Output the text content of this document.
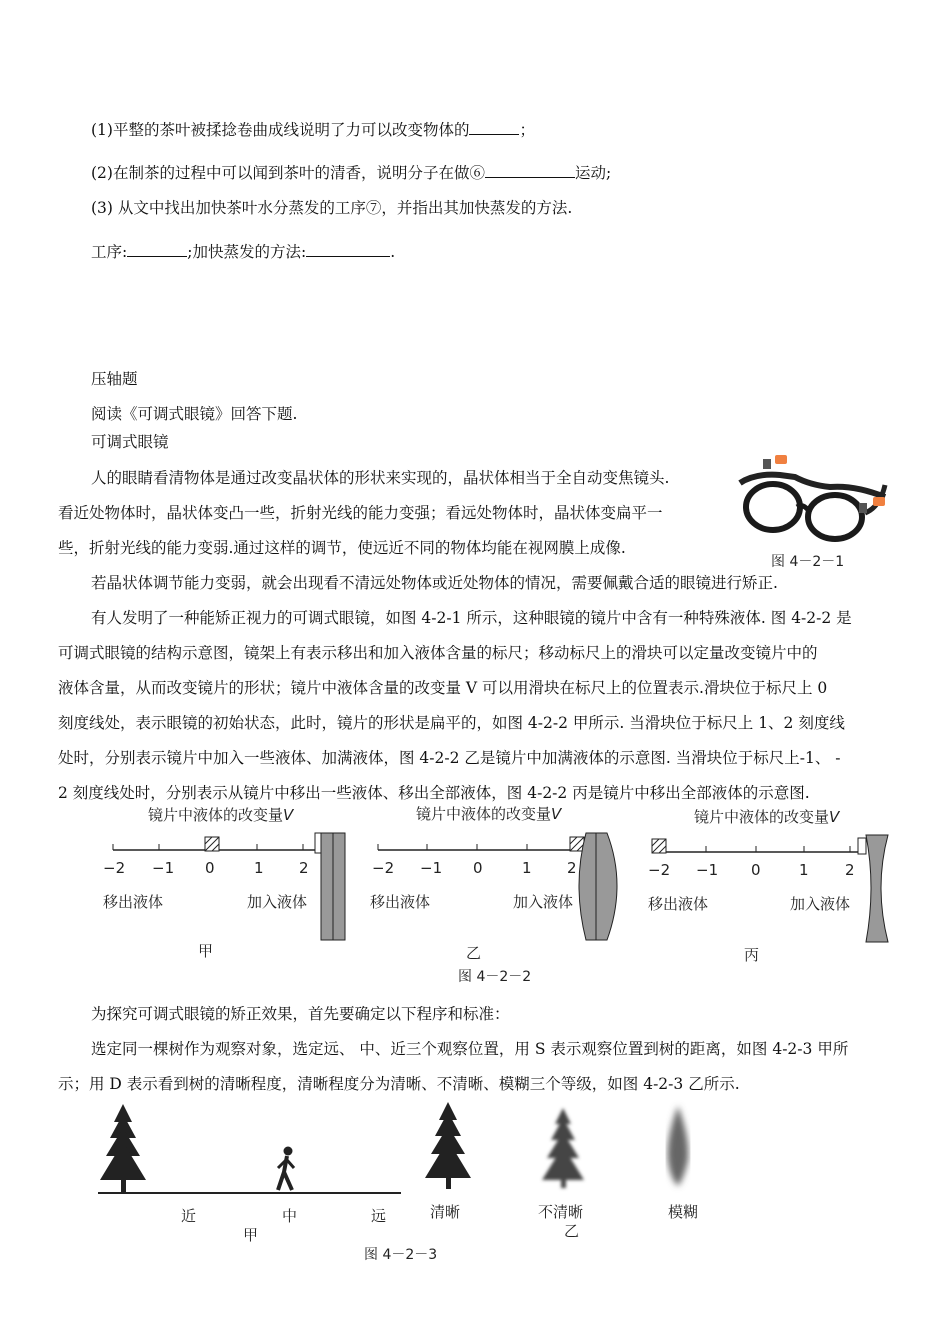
(1)平整的茶叶被揉捻卷曲成线说明了力可以改变物体的	；
(2)在制茶的过程中可以闻到茶叶的清香，说明分子在做⑥	运动;
(3) 从文中找出加快茶叶水分蒸发的工序⑦，并指出其加快蒸发的方法.
工序:	;加快蒸发的方法:	.
压轴题
阅读《可调式眼镜》回答下题.
可调式眼镜
人的眼睛看清物体是通过改变晶状体的形状来实现的，晶状体相当于全自动变焦镜头.
看近处物体时，晶状体变凸一些，折射光线的能力变强；看远处物体时，晶状体变扁平一
些，折射光线的能力变弱.通过这样的调节，使远近不同的物体均能在视网膜上成像.
若晶状体调节能力变弱，就会出现看不清远处物体或近处物体的情况，需要佩戴合适的眼镜进行矫正.
有人发明了一种能矫正视力的可调式眼镜，如图 4-2-1 所示，这种眼镜的镜片中含有一种特殊液体. 图 4-2-2 是
可调式眼镜的结构示意图，镜架上有表示移出和加入液体含量的标尺；移动标尺上的滑块可以定量改变镜片中的
液体含量，从而改变镜片的形状；镜片中液体含量的改变量 V 可以用滑块在标尺上的位置表示.滑块位于标尺上 0
刻度线处，表示眼镜的初始状态，此时，镜片的形状是扁平的，如图 4-2-2 甲所示. 当滑块位于标尺上 1、2 刻度线
处时，分别表示镜片中加入一些液体、加满液体，图 4-2-2 乙是镜片中加满液体的示意图. 当滑块位于标尺上-1、 -
2 刻度线处时，分别表示从镜片中移出一些液体、移出全部液体，图 4-2-2 丙是镜片中移出全部液体的示意图.
图 4－2－1
镜片中液体的改变量V
−2 −1 0	1 2
移出液体	加入液体
甲
镜片中液体的改变量V
−2 −1 0	1 2
移出液体	加入液体
乙
镜片中液体的改变量V
−2 −1 0	1 2
移出液体	加入液体
丙
图 4－2－2
为探究可调式眼镜的矫正效果，首先要确定以下程序和标准：
选定同一棵树作为观察对象，选定远、 中、近三个观察位置，用 S 表示观察位置到树的距离，如图 4-2-3 甲所
示；用 D 表示看到树的清晰程度，清晰程度分为清晰、不清晰、模糊三个等级，如图 4-2-3 乙所示.
近	中	远
甲
清晰	不清晰	模糊
乙
图 4－2－3
